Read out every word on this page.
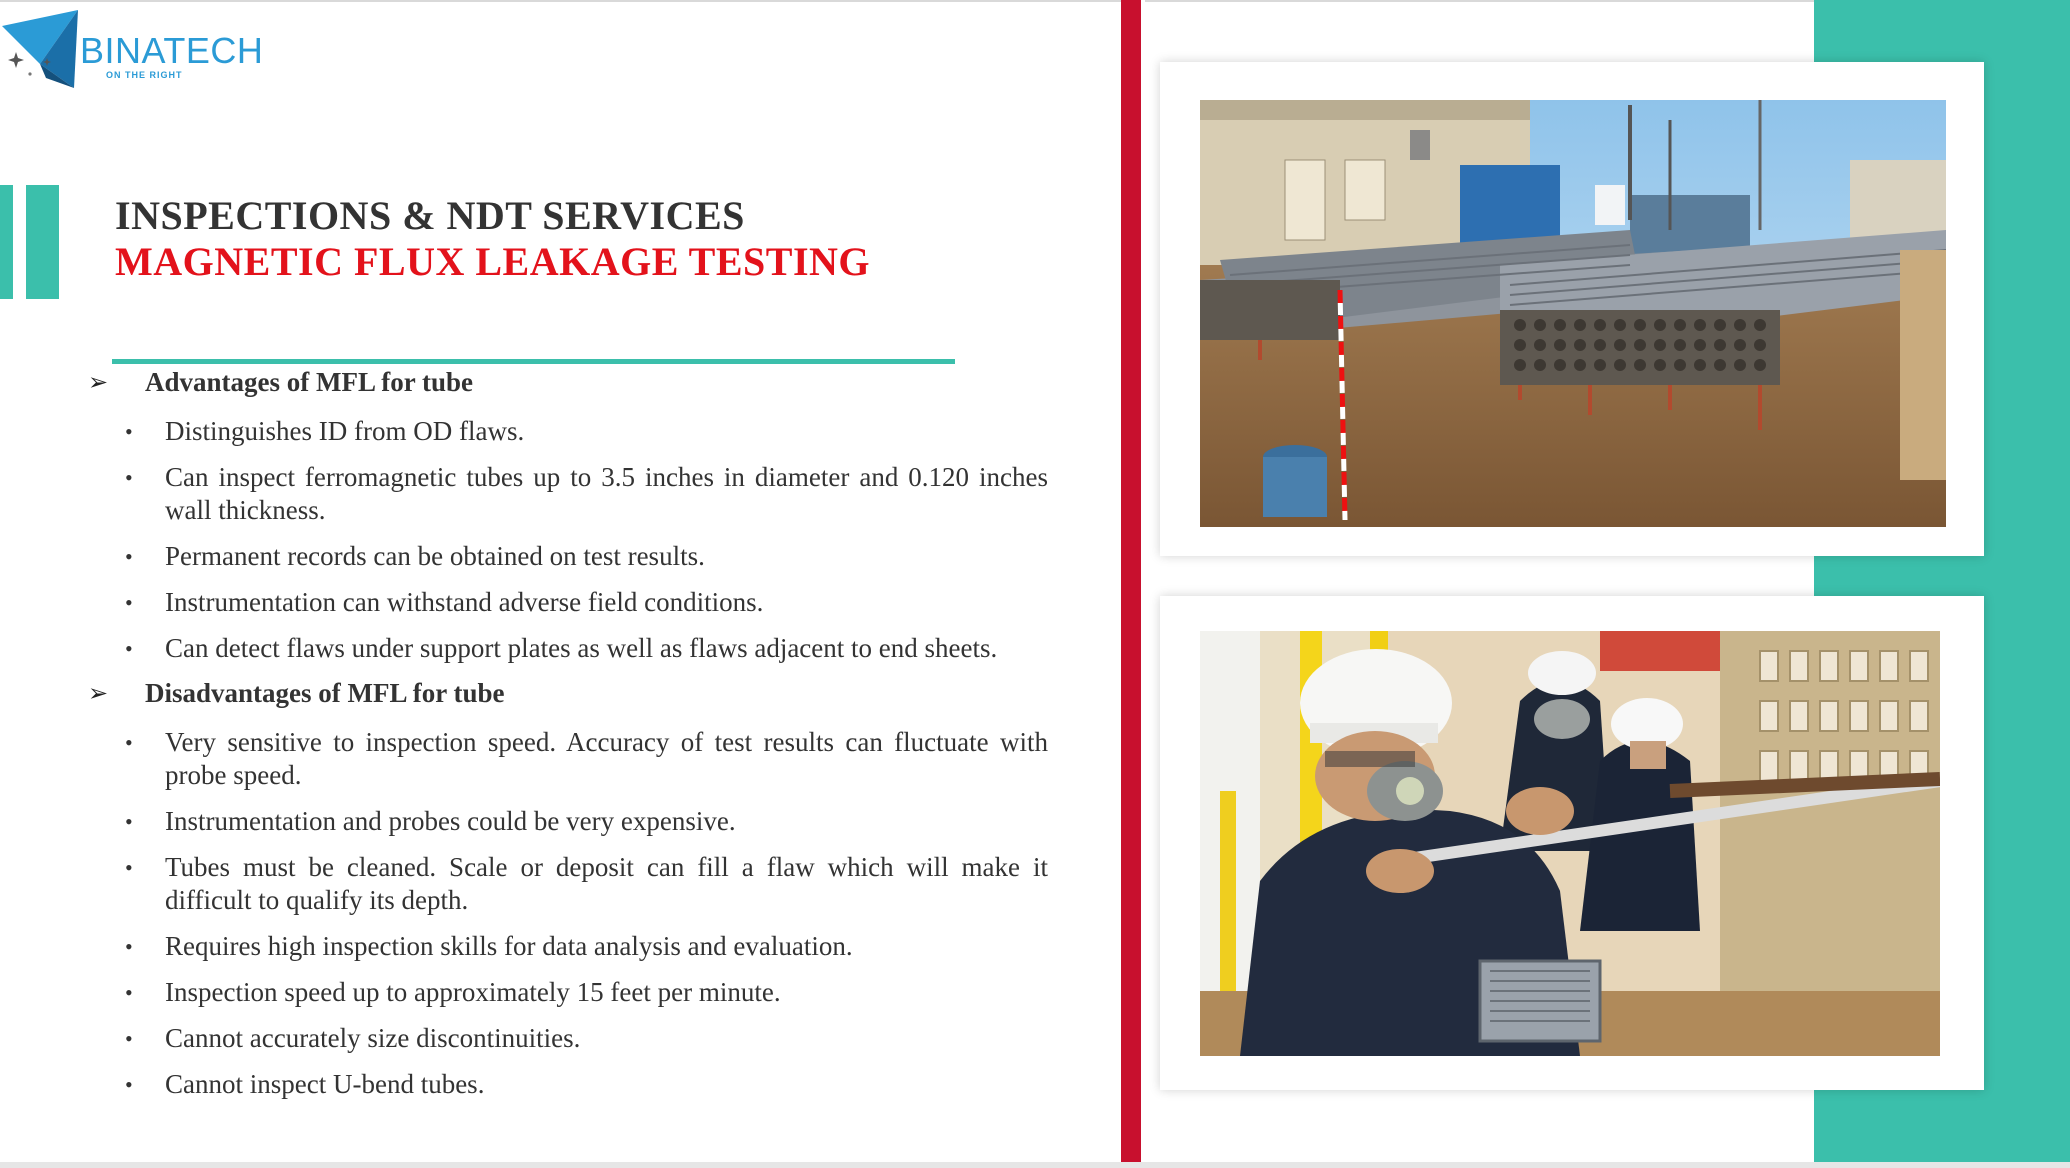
BINATECH
ON THE RIGHT
INSPECTIONS & NDT SERVICES
MAGNETIC FLUX LEAKAGE TESTING
➢ Advantages of MFL for tube
• Distinguishes ID from OD flaws.
• Can inspect ferromagnetic tubes up to 3.5 inches in diameter and 0.120 inches wall thickness.
• Permanent records can be obtained on test results.
• Instrumentation can withstand adverse field conditions.
• Can detect flaws under support plates as well as flaws adjacent to end sheets.
➢ Disadvantages of MFL for tube
• Very sensitive to inspection speed. Accuracy of test results can fluctuate with probe speed.
• Instrumentation and probes could be very expensive.
• Tubes must be cleaned. Scale or deposit can fill a flaw which will make it difficult to qualify its depth.
• Requires high inspection skills for data analysis and evaluation.
• Inspection speed up to approximately 15 feet per minute.
• Cannot accurately size discontinuities.
• Cannot inspect U-bend tubes.
